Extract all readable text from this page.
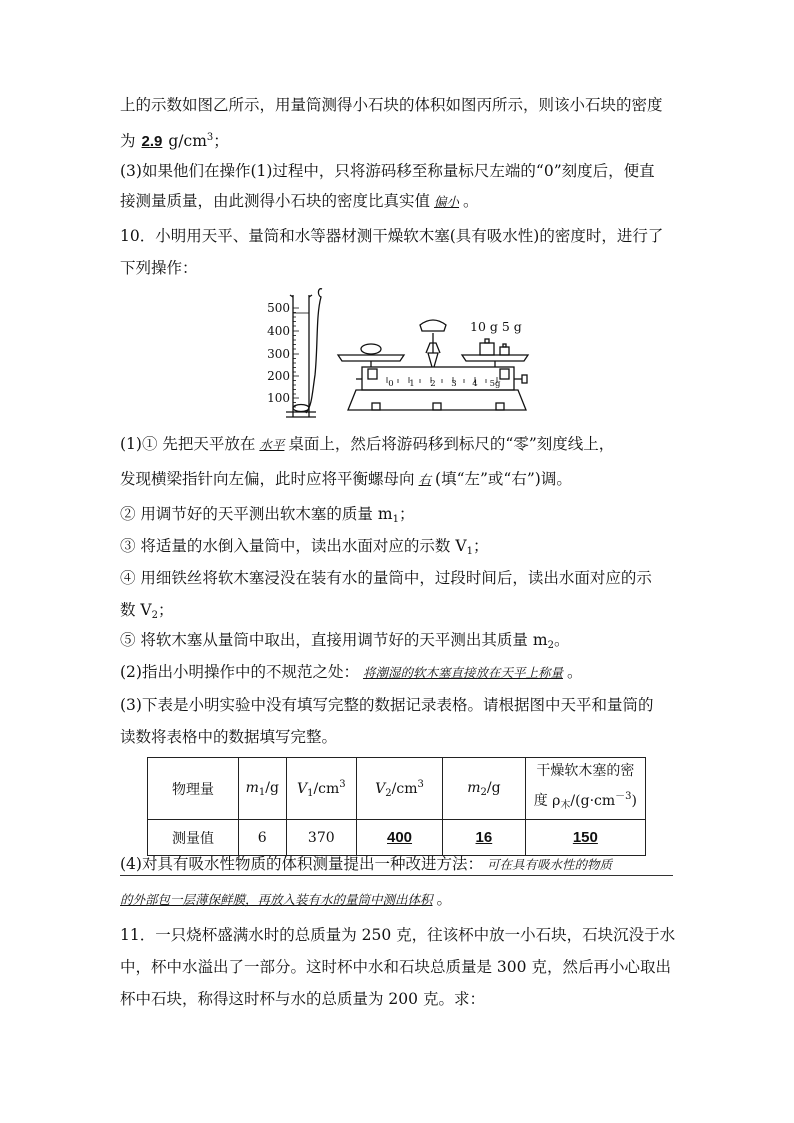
上的示数如图乙所示，用量筒测得小石块的体积如图丙所示，则该小石块的密度
为 2.9 $g/cm^3$；
(3)如果他们在操作(1)过程中，只将游码移至称量标尺左端的“0”刻度后，便直
接测量质量，由此测得小石块的密度比真实值 偏小 。
10．小明用天平、量筒和水等器材测干燥软木塞(具有吸水性)的密度时，进行了
下列操作：
500
400
300
200
100
0 1 2 3 4 5g
10 g 5 g
(1)① 先把天平放在 水平 桌面上，然后将游码移到标尺的“零”刻度线上，
发现横梁指针向左偏，此时应将平衡螺母向 右 (填“左”或“右”)调。
② 用调节好的天平测出软木塞的质量 $m_1$；
③ 将适量的水倒入量筒中，读出水面对应的示数 $V_1$；
④ 用细铁丝将软木塞浸没在装有水的量筒中，过段时间后，读出水面对应的示
数 $V_2$；
⑤ 将软木塞从量筒中取出，直接用调节好的天平测出其质量 $m_2$。
(2)指出小明操作中的不规范之处： 将潮湿的软木塞直接放在天平上称量 。
(3)下表是小明实验中没有填写完整的数据记录表格。请根据图中天平和量筒的
读数将表格中的数据填写完整。
物理量	$m_1/g$	$V_1/cm^3$	$V_2/cm^3$	$m_2/g$	干燥软木塞的密
度 $\rho_木/(g\cdot cm^{-3})$
测量值	6	370	400	16	150
(4)对具有吸水性物质的体积测量提出一种改进方法： 可在具有吸水性的物质
的外部包一层薄保鲜膜，再放入装有水的量筒中测出体积 。
11．一只烧杯盛满水时的总质量为 250 克，往该杯中放一小石块，石块沉没于水
中，杯中水溢出了一部分。这时杯中水和石块总质量是 300 克，然后再小心取出
杯中石块，称得这时杯与水的总质量为 200 克。求：
